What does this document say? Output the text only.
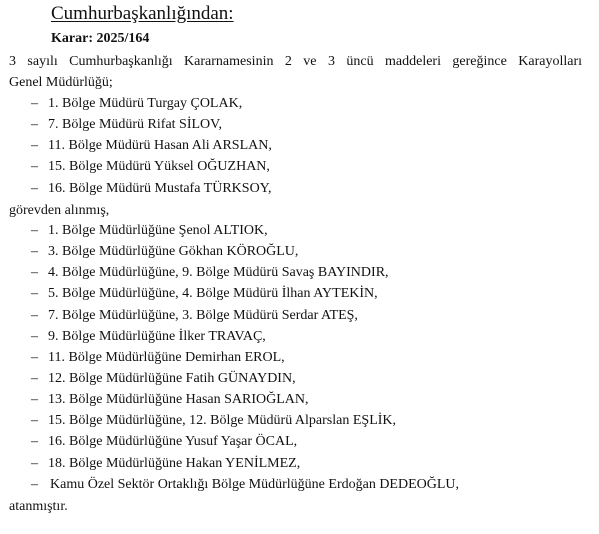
Cumhurbaşkanlığından:
Karar: 2025/164
3 sayılı Cumhurbaşkanlığı Kararnamesinin 2 ve 3 üncü maddeleri gereğince Karayolları
Genel Müdürlüğü;
– 1. Bölge Müdürü Turgay ÇOLAK,
– 7. Bölge Müdürü Rifat SİLOV,
– 11. Bölge Müdürü Hasan Ali ARSLAN,
– 15. Bölge Müdürü Yüksel OĞUZHAN,
– 16. Bölge Müdürü Mustafa TÜRKSOY,
görevden alınmış,
– 1. Bölge Müdürlüğüne Şenol ALTIOK,
– 3. Bölge Müdürlüğüne Gökhan KÖROĞLU,
– 4. Bölge Müdürlüğüne, 9. Bölge Müdürü Savaş BAYINDIR,
– 5. Bölge Müdürlüğüne, 4. Bölge Müdürü İlhan AYTEKİN,
– 7. Bölge Müdürlüğüne, 3. Bölge Müdürü Serdar ATEŞ,
– 9. Bölge Müdürlüğüne İlker TRAVAÇ,
– 11. Bölge Müdürlüğüne Demirhan EROL,
– 12. Bölge Müdürlüğüne Fatih GÜNAYDIN,
– 13. Bölge Müdürlüğüne Hasan SARIOĞLAN,
– 15. Bölge Müdürlüğüne, 12. Bölge Müdürü Alparslan EŞLİK,
– 16. Bölge Müdürlüğüne Yusuf Yaşar ÖCAL,
– 18. Bölge Müdürlüğüne Hakan YENİLMEZ,
– Kamu Özel Sektör Ortaklığı Bölge Müdürlüğüne Erdoğan DEDEOĞLU,
atanmıştır.
